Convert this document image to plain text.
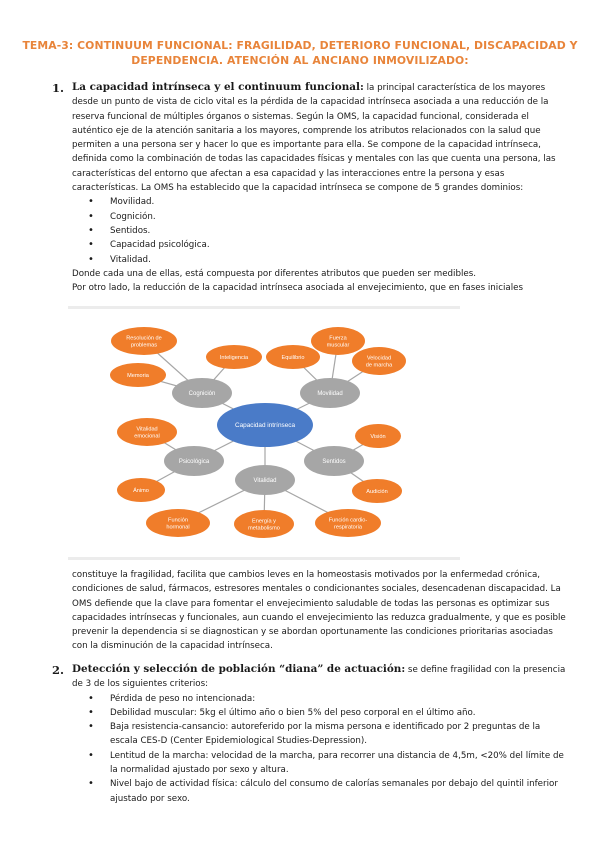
TEMA-3: CONTINUUM FUNCIONAL: FRAGILIDAD, DETERIORO FUNCIONAL, DISCAPACIDAD Y DEPENDENCIA. ATENCIÓN AL ANCIANO INMOVILIZADO:
1. La capacidad intrínseca y el continuum funcional: la principal característica de los mayores desde un punto de vista de ciclo vital es la pérdida de la capacidad intrínseca asociada a una reducción de la reserva funcional de múltiples órganos o sistemas. Según la OMS, la capacidad funcional, considerada el auténtico eje de la atención sanitaria a los mayores, comprende los atributos relacionados con la salud que permiten a una persona ser y hacer lo que es importante para ella. Se compone de la capacidad intrínseca, definida como la combinación de todas las capacidades físicas y mentales con las que cuenta una persona, las características del entorno que afectan a esa capacidad y las interacciones entre la persona y esas características. La OMS ha establecido que la capacidad intrínseca se compone de 5 grandes dominios:

• Movilidad.
• Cognición.
• Sentidos.
• Capacidad psicológica.
• Vitalidad.

Donde cada una de ellas, está compuesta por diferentes atributos que pueden ser medibles.

Por otro lado, la reducción de la capacidad intrínseca asociada al envejecimiento, que en fases iniciales

Resolución de problemas
Inteligencia
Memoria
Equilibrio
Fuerza muscular
Velocidad de marcha
Vitalidad emocional
Ánimo
Visión
Audición
Función hormonal
Energía y metabolismo
Función cardio-respiratoria
Cognición	Movilidad
Psicológica	Sentidos
Vitalidad
Capacidad intrínseca
constituye la fragilidad, facilita que cambios leves en la homeostasis motivados por la enfermedad crónica, condiciones de salud, fármacos, estresores mentales o condicionantes sociales, desencadenan discapacidad. La OMS defiende que la clave para fomentar el envejecimiento saludable de todas las personas es optimizar sus capacidades intrínsecas y funcionales, aun cuando el envejecimiento las reduzca gradualmente, y que es posible prevenir la dependencia si se diagnostican y se abordan oportunamente las condiciones prioritarias asociadas con la disminución de la capacidad intrínseca.
2. Detección y selección de población “diana” de actuación: se define fragilidad con la presencia de 3 de los siguientes criterios:

• Pérdida de peso no intencionada:
• Debilidad muscular: 5kg el último año o bien 5% del peso corporal en el último año.
• Baja resistencia-cansancio: autoreferido por la misma persona e identificado por 2 preguntas de la escala CES-D (Center Epidemiological Studies-Depression).
• Lentitud de la marcha: velocidad de la marcha, para recorrer una distancia de 4,5m, <20% del límite de la normalidad ajustado por sexo y altura.
• Nivel bajo de actividad física: cálculo del consumo de calorías semanales por debajo del quintil inferior ajustado por sexo.
